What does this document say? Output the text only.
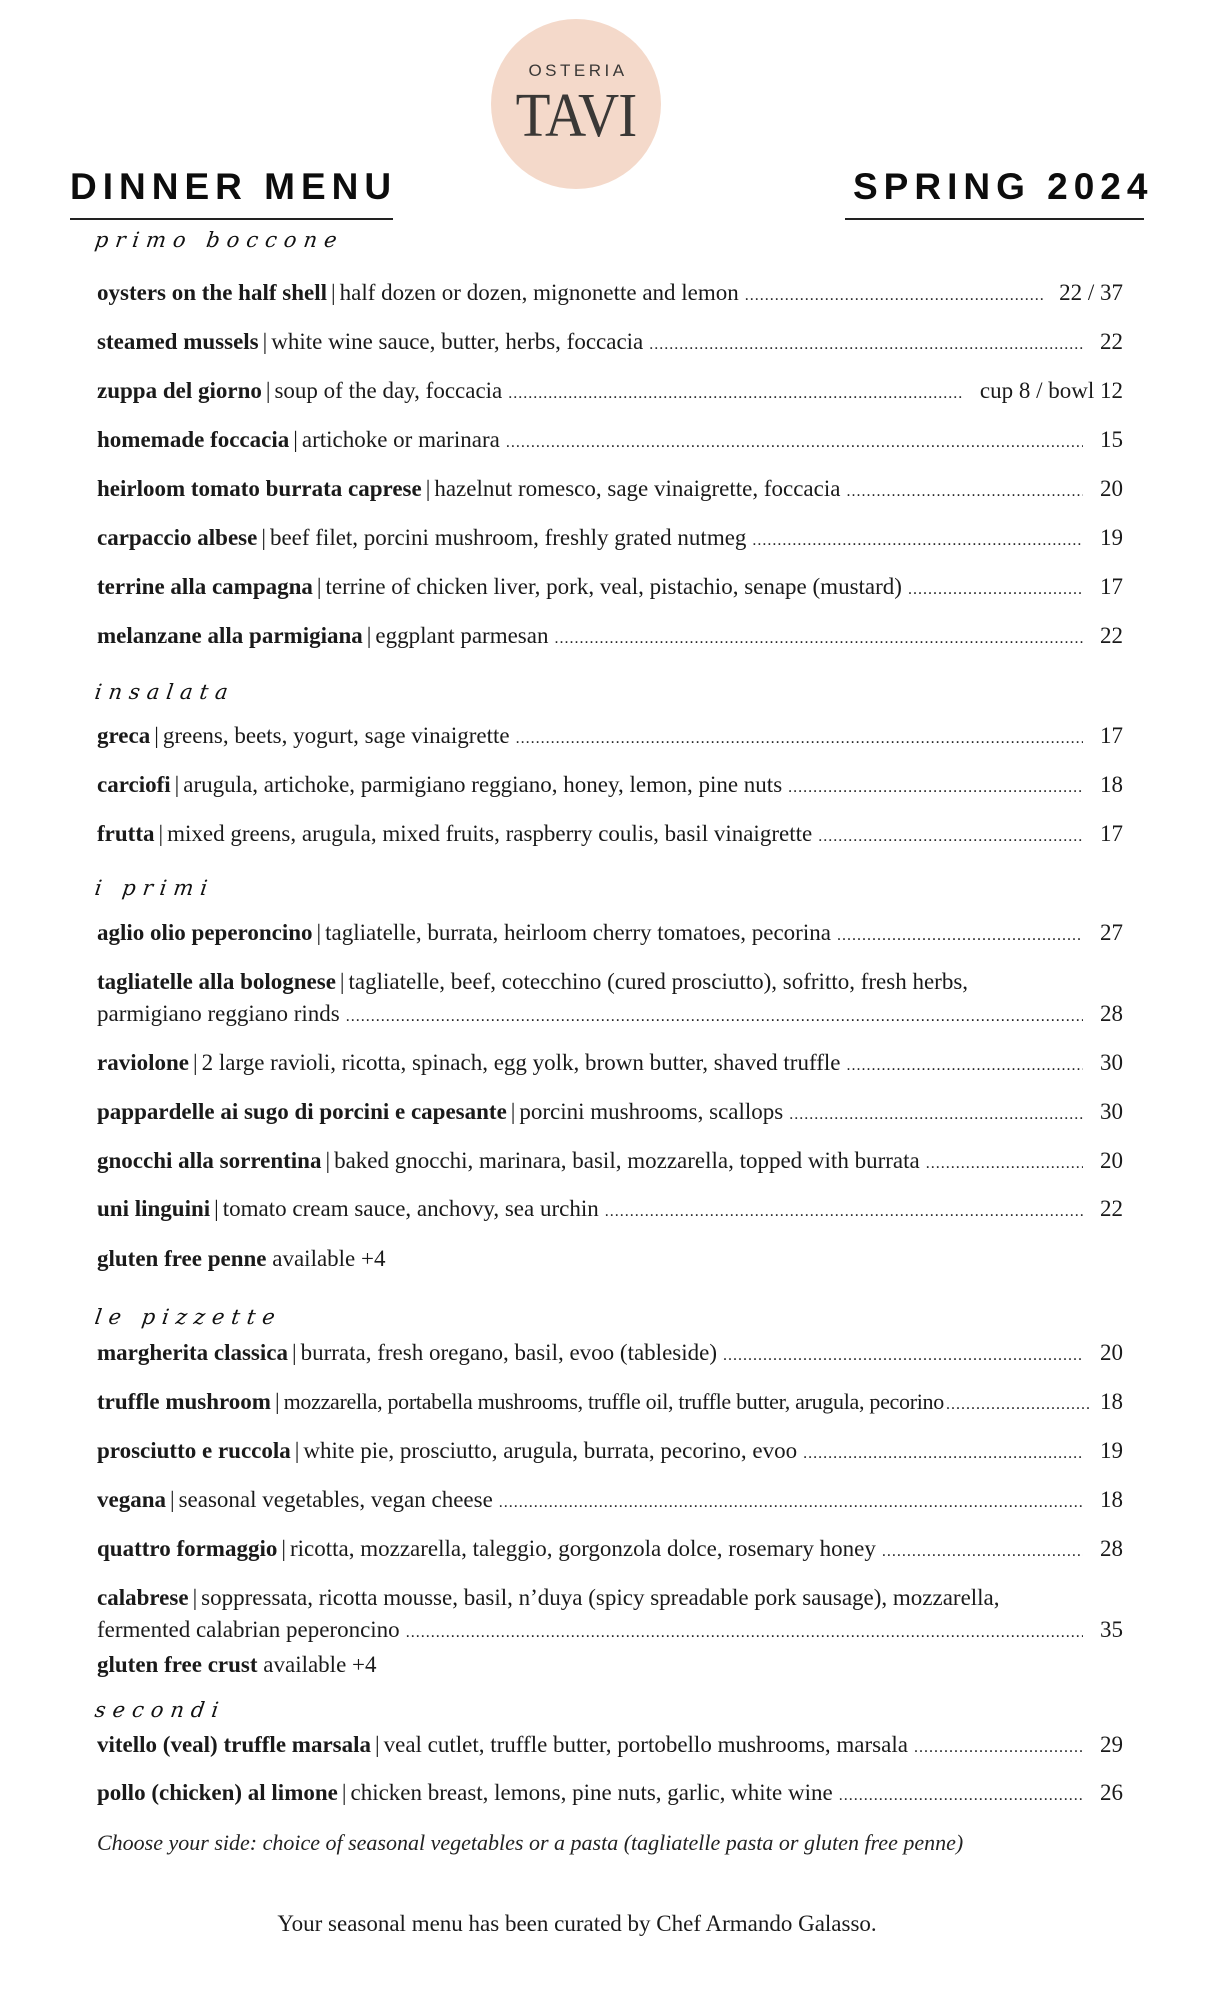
OSTERIA
TAVI
DINNER MENU	SPRING 2024
primo boccone
oysters on the half shell | half dozen or dozen, mignonette and lemon .....	22 / 37
steamed mussels | white wine sauce, butter, herbs, foccacia .....	22
zuppa del giorno | soup of the day, foccacia .....	cup 8 / bowl 12
homemade foccacia | artichoke or marinara .....	15
heirloom tomato burrata caprese | hazelnut romesco, sage vinaigrette, foccacia .....	20
carpaccio albese | beef filet, porcini mushroom, freshly grated nutmeg .....	19
terrine alla campagna | terrine of chicken liver, pork, veal, pistachio, senape (mustard) .....	17
melanzane alla parmigiana | eggplant parmesan .....	22
insalata
greca | greens, beets, yogurt, sage vinaigrette .....	17
carciofi | arugula, artichoke, parmigiano reggiano, honey, lemon, pine nuts .....	18
frutta | mixed greens, arugula, mixed fruits, raspberry coulis, basil vinaigrette .....	17
i primi
aglio olio peperoncino | tagliatelle, burrata, heirloom cherry tomatoes, pecorina .....	27
tagliatelle alla bolognese | tagliatelle, beef, cotecchino (cured prosciutto), sofritto, fresh herbs,
parmigiano reggiano rinds .....	28
raviolone | 2 large ravioli, ricotta, spinach, egg yolk, brown butter, shaved truffle .....	30
pappardelle ai sugo di porcini e capesante | porcini mushrooms, scallops .....	30
gnocchi alla sorrentina | baked gnocchi, marinara, basil, mozzarella, topped with burrata .....	20
uni linguini | tomato cream sauce, anchovy, sea urchin .....	22
gluten free penne available +4
le pizzette
margherita classica | burrata, fresh oregano, basil, evoo (tableside) .....	20
truffle mushroom | mozzarella, portabella mushrooms, truffle oil, truffle butter, arugula, pecorino .....	18
prosciutto e ruccola | white pie, prosciutto, arugula, burrata, pecorino, evoo .....	19
vegana | seasonal vegetables, vegan cheese .....	18
quattro formaggio | ricotta, mozzarella, taleggio, gorgonzola dolce, rosemary honey .....	28
calabrese | soppressata, ricotta mousse, basil, n’duya (spicy spreadable pork sausage), mozzarella,
fermented calabrian peperoncino .....	35
gluten free crust available +4
secondi
vitello (veal) truffle marsala | veal cutlet, truffle butter, portobello mushrooms, marsala .....	29
pollo (chicken) al limone | chicken breast, lemons, pine nuts, garlic, white wine .....	26
Choose your side: choice of seasonal vegetables or a pasta (tagliatelle pasta or gluten free penne)
Your seasonal menu has been curated by Chef Armando Galasso.
